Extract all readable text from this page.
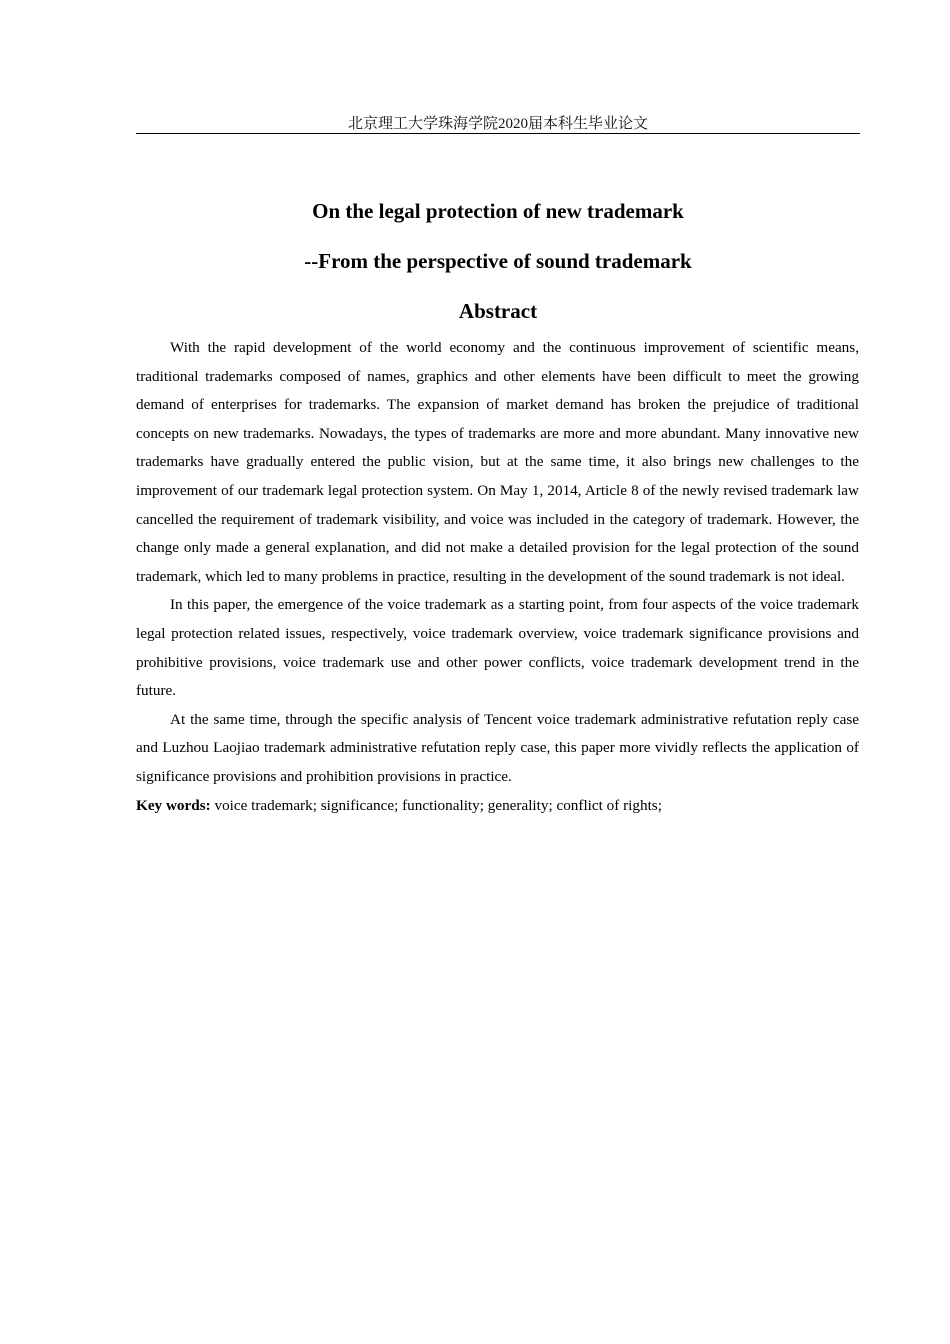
北京理工大学珠海学院2020届本科生毕业论文
On the legal protection of new trademark
--From the perspective of sound trademark
Abstract

With the rapid development of the world economy and the continuous improvement of scientific means, traditional trademarks composed of names, graphics and other elements have been difficult to meet the growing demand of enterprises for trademarks. The expansion of market demand has broken the prejudice of traditional concepts on new trademarks. Nowadays, the types of trademarks are more and more abundant. Many innovative new trademarks have gradually entered the public vision, but at the same time, it also brings new challenges to the improvement of our trademark legal protection system. On May 1, 2014, Article 8 of the newly revised trademark law cancelled the requirement of trademark visibility, and voice was included in the category of trademark. However, the change only made a general explanation, and did not make a detailed provision for the legal protection of the sound trademark, which led to many problems in practice, resulting in the development of the sound trademark is not ideal.

In this paper, the emergence of the voice trademark as a starting point, from four aspects of the voice trademark legal protection related issues, respectively, voice trademark overview, voice trademark significance provisions and prohibitive provisions, voice trademark use and other power conflicts, voice trademark development trend in the future.

At the same time, through the specific analysis of Tencent voice trademark administrative refutation reply case and Luzhou Laojiao trademark administrative refutation reply case, this paper more vividly reflects the application of significance provisions and prohibition provisions in practice.

Key words: voice trademark; significance; functionality; generality; conflict of rights;
